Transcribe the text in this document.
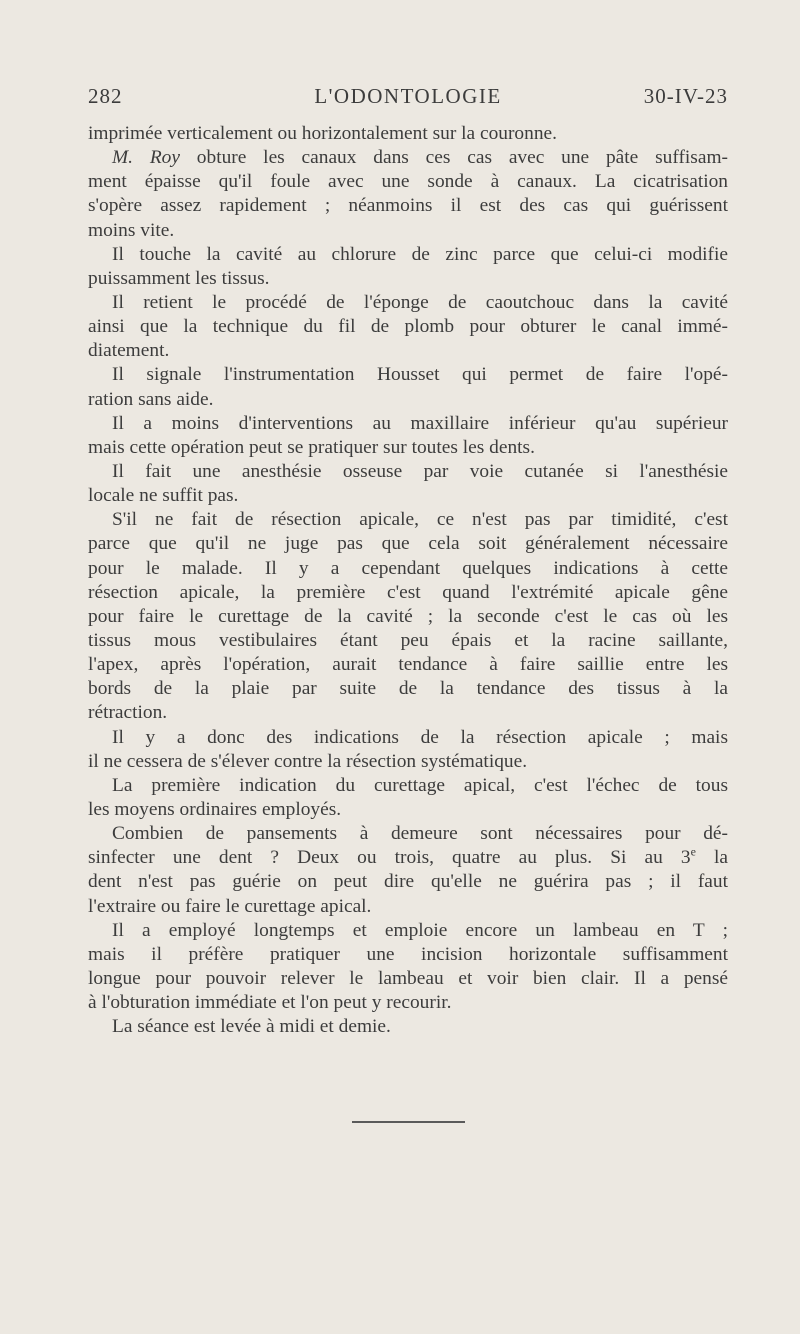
282	L'ODONTOLOGIE	30-IV-23
imprimée verticalement ou horizontalement sur la couronne.
M. Roy obture les canaux dans ces cas avec une pâte suffisam-
ment épaisse qu'il foule avec une sonde à canaux. La cicatrisation
s'opère assez rapidement ; néanmoins il est des cas qui guérissent
moins vite.
Il touche la cavité au chlorure de zinc parce que celui-ci modifie
puissamment les tissus.
Il retient le procédé de l'éponge de caoutchouc dans la cavité
ainsi que la technique du fil de plomb pour obturer le canal immé-
diatement.
Il signale l'instrumentation Housset qui permet de faire l'opé-
ration sans aide.
Il a moins d'interventions au maxillaire inférieur qu'au supérieur
mais cette opération peut se pratiquer sur toutes les dents.
Il fait une anesthésie osseuse par voie cutanée si l'anesthésie
locale ne suffit pas.
S'il ne fait de résection apicale, ce n'est pas par timidité, c'est
parce que qu'il ne juge pas que cela soit généralement nécessaire
pour le malade. Il y a cependant quelques indications à cette
résection apicale, la première c'est quand l'extrémité apicale gêne
pour faire le curettage de la cavité ; la seconde c'est le cas où les
tissus mous vestibulaires étant peu épais et la racine saillante,
l'apex, après l'opération, aurait tendance à faire saillie entre les
bords de la plaie par suite de la tendance des tissus à la
rétraction.
Il y a donc des indications de la résection apicale ; mais
il ne cessera de s'élever contre la résection systématique.
La première indication du curettage apical, c'est l'échec de tous
les moyens ordinaires employés.
Combien de pansements à demeure sont nécessaires pour dé-
sinfecter une dent ? Deux ou trois, quatre au plus. Si au 3e la
dent n'est pas guérie on peut dire qu'elle ne guérira pas ; il faut
l'extraire ou faire le curettage apical.
Il a employé longtemps et emploie encore un lambeau en T ;
mais il préfère pratiquer une incision horizontale suffisamment
longue pour pouvoir relever le lambeau et voir bien clair. Il a pensé
à l'obturation immédiate et l'on peut y recourir.
La séance est levée à midi et demie.
